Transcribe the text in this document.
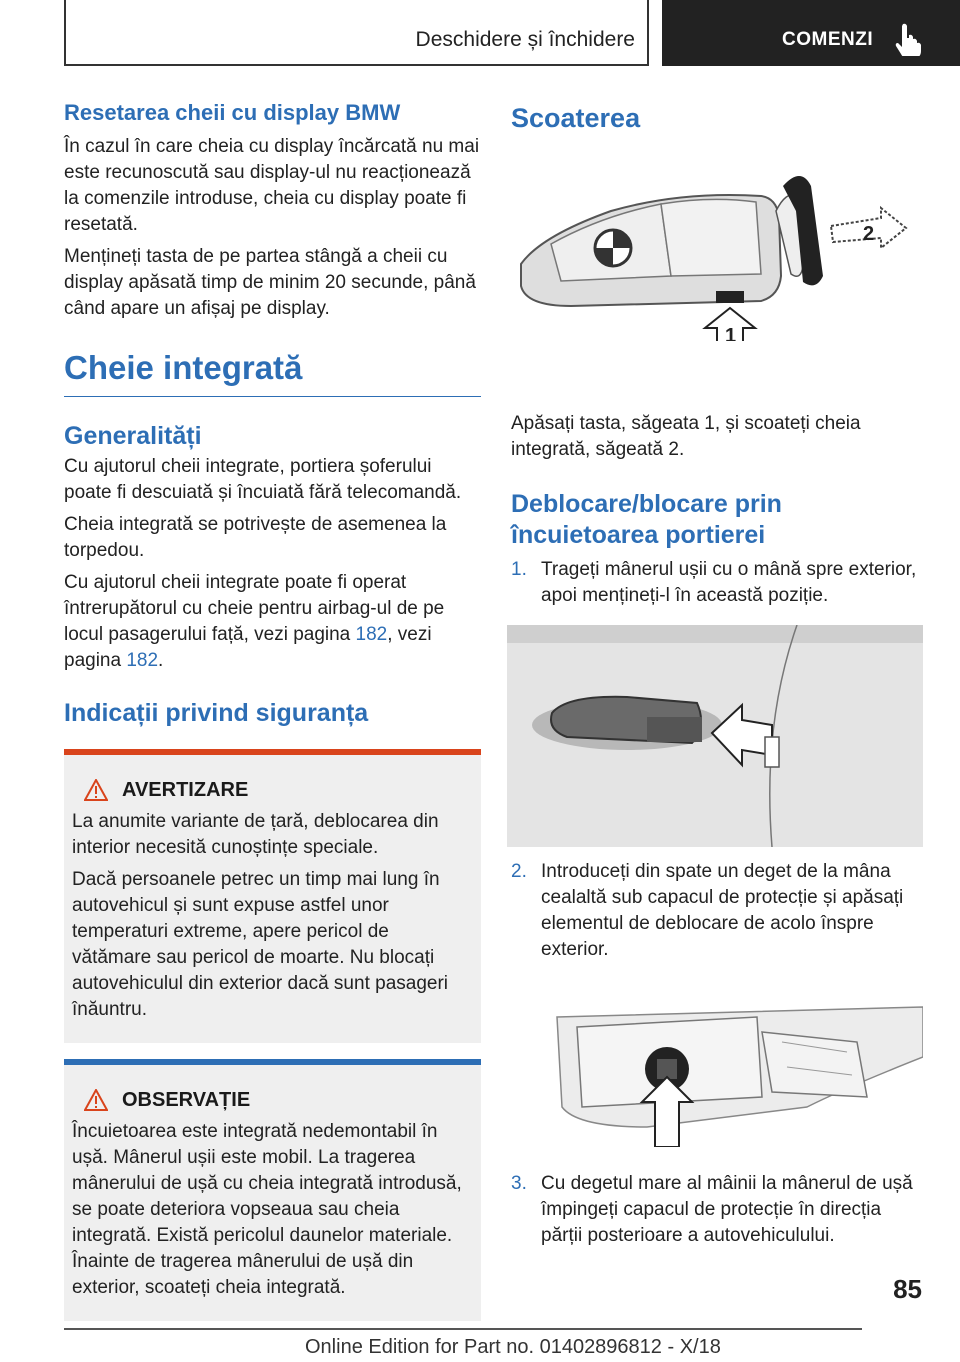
Deschidere și închidere	COMENZI
Resetarea cheii cu display BMW

În cazul în care cheia cu display încărcată nu mai este recunoscută sau display-ul nu reacționează la comenzile introduse, cheia cu display poate fi resetată.

Mențineți tasta de pe partea stângă a cheii cu display apăsată timp de minim 20 secunde, până când apare un afișaj pe display.

Cheie integrată
Generalități

Cu ajutorul cheii integrate, portiera șoferului poate fi descuiată și încuiată fără telecomandă.

Cheia integrată se potrivește de asemenea la torpedou.

Cu ajutorul cheii integrate poate fi operat întrerupătorul cu cheie pentru airbag-ul de pe locul pasagerului față, vezi pagina 182, vezi pagina 182.

Indicații privind siguranța
AVERTIZARE

La anumite variante de țară, deblocarea din interior necesită cunoștințe speciale.

Dacă persoanele petrec un timp mai lung în autovehicul și sunt expuse astfel unor temperaturi extreme, apere pericol de vătămare sau pericol de moarte. Nu blocați autovehiculul din exterior dacă sunt pasageri înăuntru.

OBSERVAȚIE

Încuietoarea este integrată nedemontabil în ușă. Mânerul ușii este mobil. La tragerea mânerului de ușă cu cheia integrată introdusă, se poate deteriora vopseaua sau cheia integrată. Există pericolul daunelor materiale. Înainte de tragerea mânerului de ușă din exterior, scoateți cheia integrată.

Scoaterea
2
1

Apăsați tasta, săgeata 1, și scoateți cheia integrată, săgeată 2.

Deblocare/blocare prin încuietoarea portierei

1. Trageți mânerul ușii cu o mână spre exterior, apoi mențineți-l în această poziție.

2. Introduceți din spate un deget de la mâna cealaltă sub capacul de protecție și apăsați elementul de deblocare de acolo înspre exterior.

3. Cu degetul mare al mâinii la mânerul de ușă împingeți capacul de protecție în direcția părții posterioare a autovehiculului.

85
Online Edition for Part no. 01402896812 - X/18
